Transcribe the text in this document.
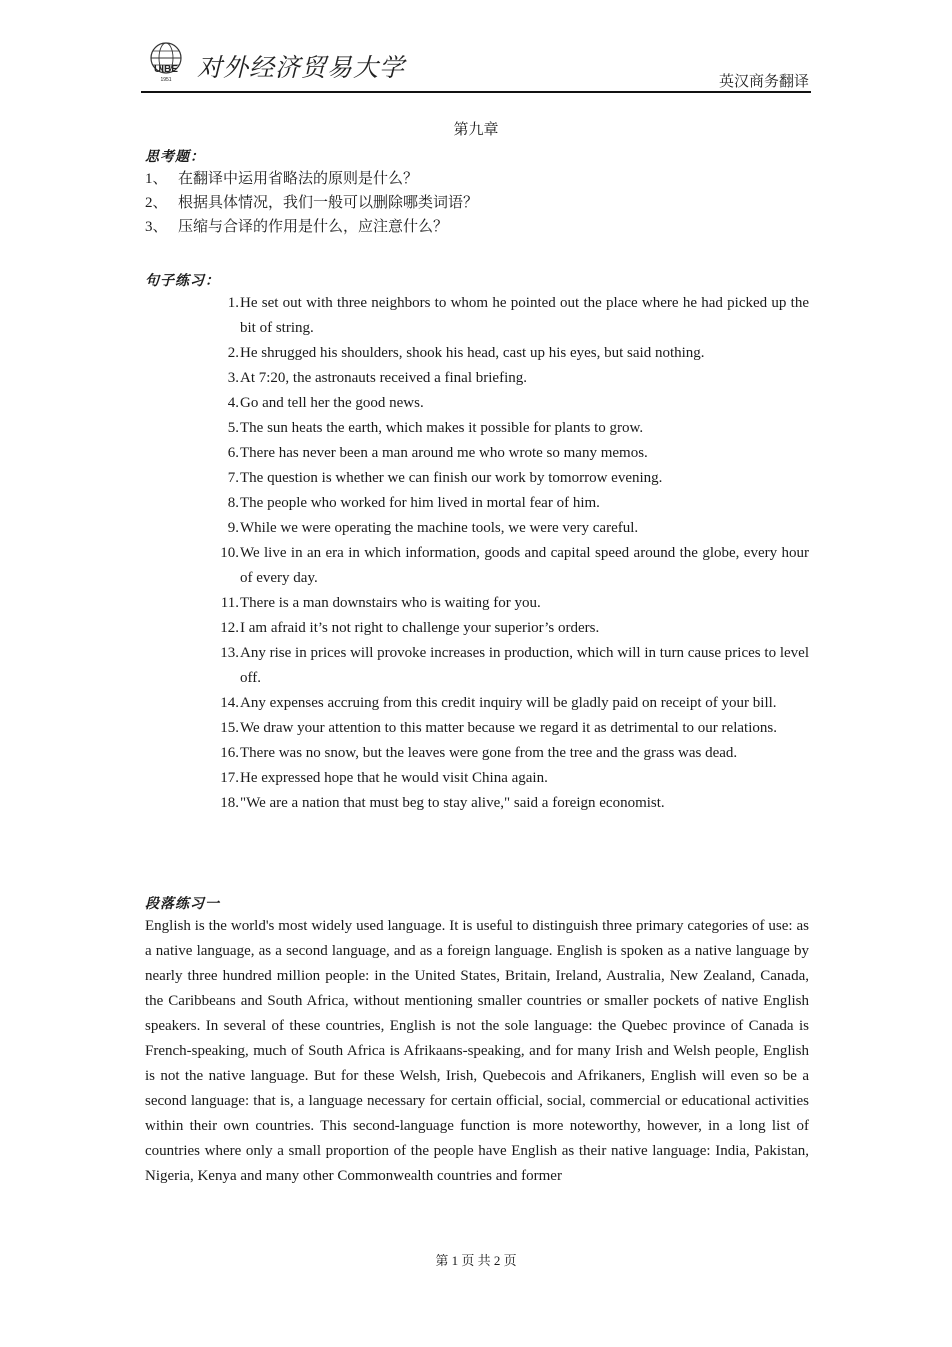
UIBE
1951 对外经济贸易大学	英汉商务翻译
第九章
思考题：
1、 在翻译中运用省略法的原则是什么？
2、 根据具体情况，我们一般可以删除哪类词语？
3、 压缩与合译的作用是什么，应注意什么？
句子练习：
1. He set out with three neighbors to whom he pointed out the place where he had picked up the bit of string.
2. He shrugged his shoulders, shook his head, cast up his eyes, but said nothing.
3. At 7:20, the astronauts received a final briefing.
4. Go and tell her the good news.
5. The sun heats the earth, which makes it possible for plants to grow.
6. There has never been a man around me who wrote so many memos.
7. The question is whether we can finish our work by tomorrow evening.
8. The people who worked for him lived in mortal fear of him.
9. While we were operating the machine tools, we were very careful.
10. We live in an era in which information, goods and capital speed around the globe, every hour of every day.
11. There is a man downstairs who is waiting for you.
12. I am afraid it’s not right to challenge your superior’s orders.
13. Any rise in prices will provoke increases in production, which will in turn cause prices to level off.
14. Any expenses accruing from this credit inquiry will be gladly paid on receipt of your bill.
15. We draw your attention to this matter because we regard it as detrimental to our relations.
16. There was no snow, but the leaves were gone from the tree and the grass was dead.
17. He expressed hope that he would visit China again.
18. "We are a nation that must beg to stay alive," said a foreign economist.
段落练习一

English is the world's most widely used language. It is useful to distinguish three primary categories of use: as a native language, as a second language, and as a foreign language. English is spoken as a native language by nearly three hundred million people: in the United States, Britain, Ireland, Australia, New Zealand, Canada, the Caribbeans and South Africa, without mentioning smaller countries or smaller pockets of native English speakers. In several of these countries, English is not the sole language: the Quebec province of Canada is French-speaking, much of South Africa is Afrikaans-speaking, and for many Irish and Welsh people, English is not the native language. But for these Welsh, Irish, Quebecois and Afrikaners, English will even so be a second language: that is, a language necessary for certain official, social, commercial or educational activities within their own countries. This second-language function is more noteworthy, however, in a long list of countries where only a small proportion of the people have English as their native language: India, Pakistan, Nigeria, Kenya and many other Commonwealth countries and former

第 1 页 共 2 页
